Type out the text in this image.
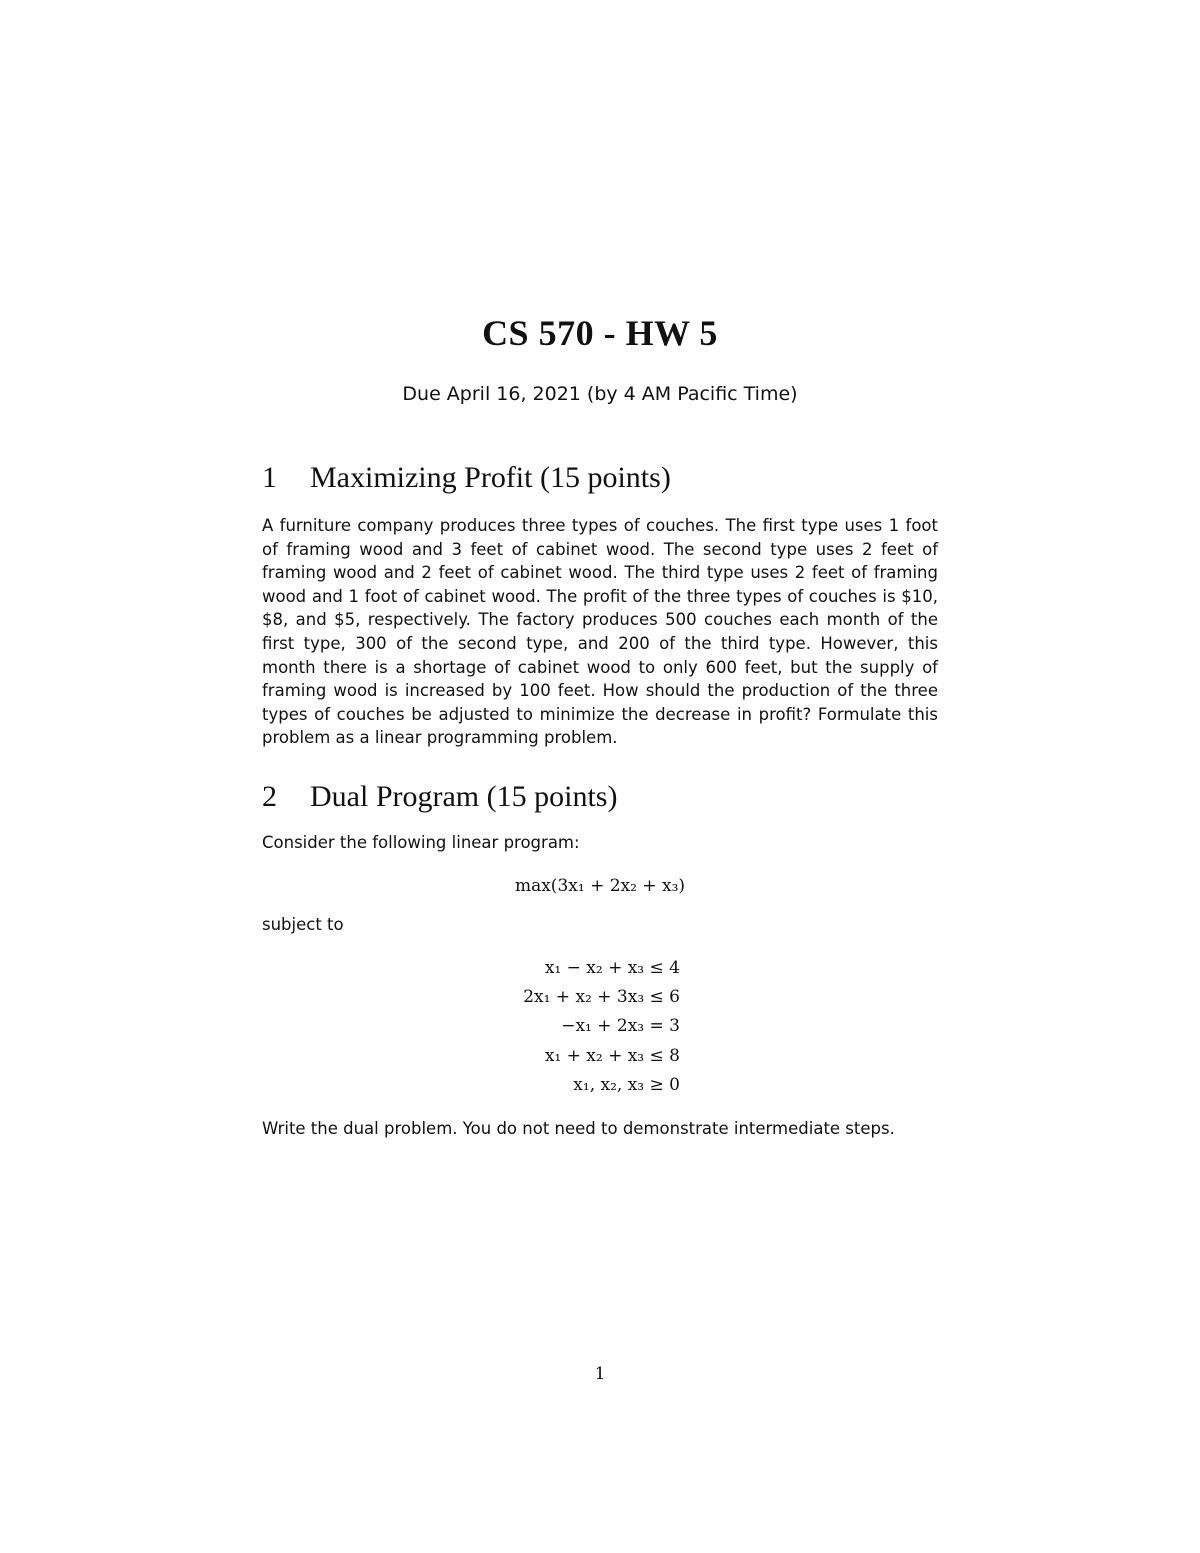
CS 570 - HW 5
Due April 16, 2021 (by 4 AM Pacific Time)
1 Maximizing Profit (15 points)

A furniture company produces three types of couches. The first type uses 1 foot of framing wood and 3 feet of cabinet wood. The second type uses 2 feet of framing wood and 2 feet of cabinet wood. The third type uses 2 feet of framing wood and 1 foot of cabinet wood. The profit of the three types of couches is $10, $8, and $5, respectively. The factory produces 500 couches each month of the first type, 300 of the second type, and 200 of the third type. However, this month there is a shortage of cabinet wood to only 600 feet, but the supply of framing wood is increased by 100 feet. How should the production of the three types of couches be adjusted to minimize the decrease in profit? Formulate this problem as a linear programming problem.

2 Dual Program (15 points)

Consider the following linear program:

max(3x₁ + 2x₂ + x₃)

subject to

x₁ − x₂ + x₃ ≤ 4
2x₁ + x₂ + 3x₃ ≤ 6
−x₁ + 2x₃ = 3
x₁ + x₂ + x₃ ≤ 8
x₁, x₂, x₃ ≥ 0

Write the dual problem. You do not need to demonstrate intermediate steps.

1
